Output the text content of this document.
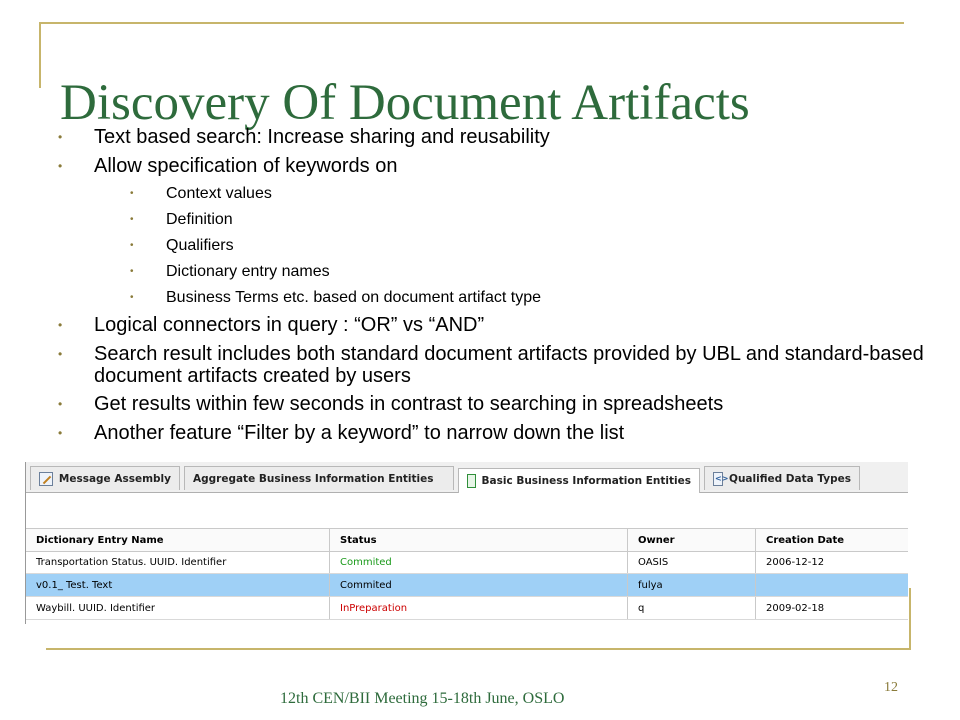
Discovery Of Document Artifacts
• Text based search: Increase sharing and reusability
• Allow specification of keywords on
• Context values
• Definition
• Qualifiers
• Dictionary entry names
• Business Terms etc. based on document artifact type
• Logical connectors in query : “OR” vs “AND”
• Search result includes both standard document artifacts provided by UBL and standard-based document artifacts created by users
• Get results within few seconds in contrast to searching in spreadsheets
• Another feature “Filter by a keyword” to narrow down the list
Message Assembly Aggregate Business Information Entities	Basic Business Information Entities
<>	Qualified Data Types
Dictionary Entry Name	Status	Owner	Creation Date
Transportation Status. UUID. Identifier	Commited	OASIS	2006-12-12
v0.1_ Test. Text	Commited	fulya
Waybill. UUID. Identifier	InPreparation	q	2009-02-18
12
12th CEN/BII Meeting 15-18th June, OSLO
